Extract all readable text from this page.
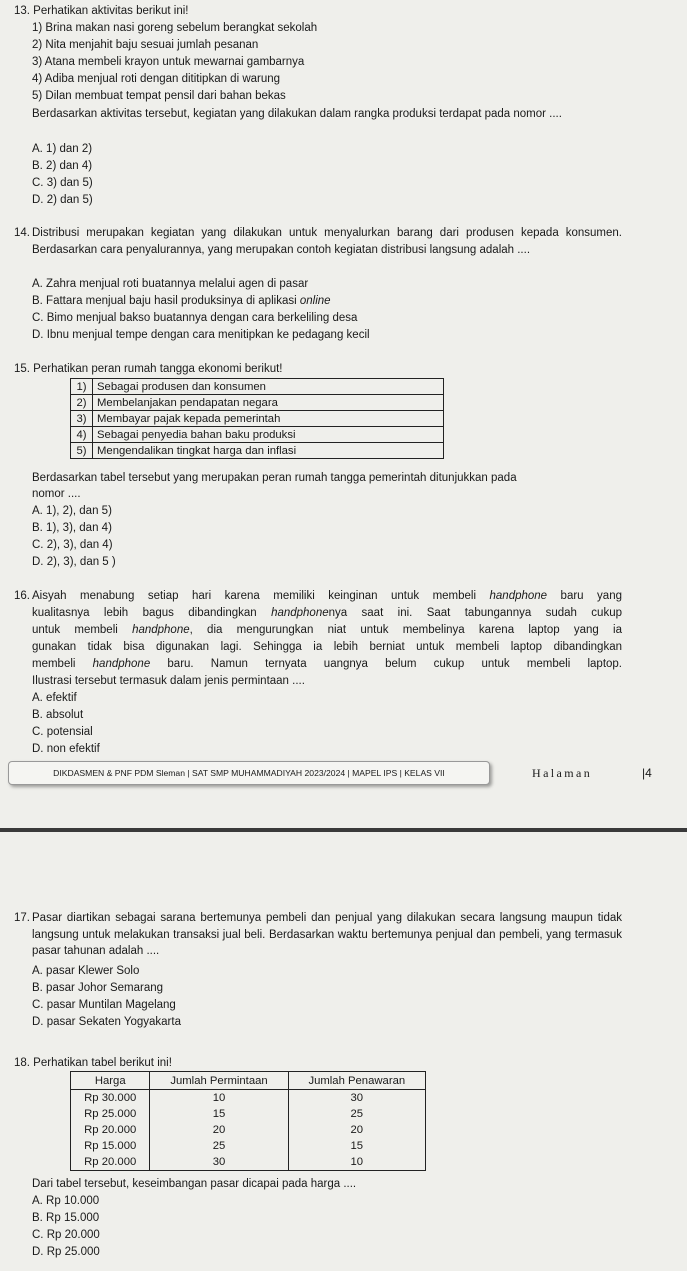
13. Perhatikan aktivitas berikut ini!
1) Brina makan nasi goreng sebelum berangkat sekolah
2) Nita menjahit baju sesuai jumlah pesanan
3) Atana membeli krayon untuk mewarnai gambarnya
4) Adiba menjual roti dengan dititipkan di warung
5) Dilan membuat tempat pensil dari bahan bekas
Berdasarkan aktivitas tersebut, kegiatan yang dilakukan dalam rangka produksi terdapat pada nomor ....
A. 1) dan 2)
B. 2) dan 4)
C. 3) dan 5)
D. 2) dan 5)
14. Distribusi merupakan kegiatan yang dilakukan untuk menyalurkan barang dari produsen kepada konsumen. Berdasarkan cara penyalurannya, yang merupakan contoh kegiatan distribusi langsung adalah ....
A. Zahra menjual roti buatannya melalui agen di pasar
B. Fattara menjual baju hasil produksinya di aplikasi online
C. Bimo menjual bakso buatannya dengan cara berkeliling desa
D. Ibnu menjual tempe dengan cara menitipkan ke pedagang kecil
15. Perhatikan peran rumah tangga ekonomi berikut!
1)	Sebagai produsen dan konsumen
2)	Membelanjakan pendapatan negara
3)	Membayar pajak kepada pemerintah
4)	Sebagai penyedia bahan baku produksi
5)	Mengendalikan tingkat harga dan inflasi
Berdasarkan tabel tersebut yang merupakan peran rumah tangga pemerintah ditunjukkan pada
nomor ....
A. 1), 2), dan 5)
B. 1), 3), dan 4)
C. 2), 3), dan 4)
D. 2), 3), dan 5 )
16. Aisyah menabung setiap hari karena memiliki keinginan untuk membeli handphone baru yang
kualitasnya lebih bagus dibandingkan handphonenya saat ini. Saat tabungannya sudah cukup
untuk membeli handphone, dia mengurungkan niat untuk membelinya karena laptop yang ia
gunakan tidak bisa digunakan lagi. Sehingga ia lebih berniat untuk membeli laptop dibandingkan
membeli handphone baru. Namun ternyata uangnya belum cukup untuk membeli laptop.
Ilustrasi tersebut termasuk dalam jenis permintaan ....
A. efektif
B. absolut
C. potensial
D. non efektif
DIKDASMEN & PNF PDM Sleman | SAT SMP MUHAMMADIYAH 2023/2024 | MAPEL IPS | KELAS VII	Halaman	|4
17. Pasar diartikan sebagai sarana bertemunya pembeli dan penjual yang dilakukan secara langsung maupun tidak langsung untuk melakukan transaksi jual beli. Berdasarkan waktu bertemunya penjual dan pembeli, yang termasuk pasar tahunan adalah ....
A. pasar Klewer Solo
B. pasar Johor Semarang
C. pasar Muntilan Magelang
D. pasar Sekaten Yogyakarta
18. Perhatikan tabel berikut ini!
Harga	Jumlah Permintaan	Jumlah Penawaran
Rp 30.000	10	30
Rp 25.000	15	25
Rp 20.000	20	20
Rp 15.000	25	15
Rp 20.000	30	10
Dari tabel tersebut, keseimbangan pasar dicapai pada harga ....
A. Rp 10.000
B. Rp 15.000
C. Rp 20.000
D. Rp 25.000
